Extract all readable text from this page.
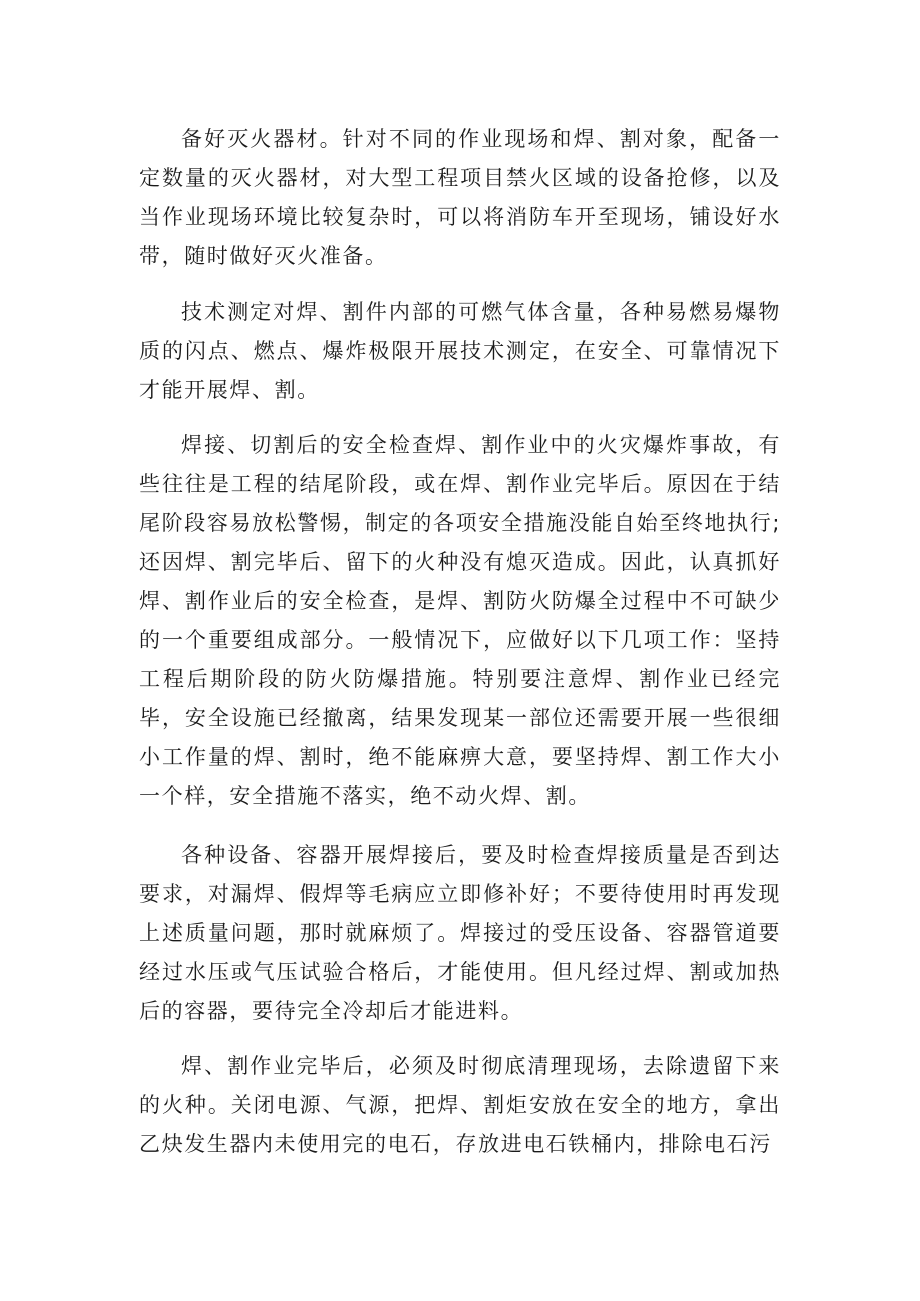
备好灭火器材。针对不同的作业现场和焊、割对象，配备一定数量的灭火器材，对大型工程项目禁火区域的设备抢修，以及当作业现场环境比较复杂时，可以将消防车开至现场，铺设好水带，随时做好灭火准备。

技术测定对焊、割件内部的可燃气体含量，各种易燃易爆物质的闪点、燃点、爆炸极限开展技术测定，在安全、可靠情况下才能开展焊、割。

焊接、切割后的安全检查焊、割作业中的火灾爆炸事故，有些往往是工程的结尾阶段，或在焊、割作业完毕后。原因在于结尾阶段容易放松警惕，制定的各项安全措施没能自始至终地执行;还因焊、割完毕后、留下的火种没有熄灭造成。因此，认真抓好焊、割作业后的安全检查，是焊、割防火防爆全过程中不可缺少的一个重要组成部分。一般情况下，应做好以下几项工作：坚持工程后期阶段的防火防爆措施。特别要注意焊、割作业已经完毕，安全设施已经撤离，结果发现某一部位还需要开展一些很细小工作量的焊、割时，绝不能麻痹大意，要坚持焊、割工作大小一个样，安全措施不落实，绝不动火焊、割。

各种设备、容器开展焊接后，要及时检查焊接质量是否到达要求，对漏焊、假焊等毛病应立即修补好；不要待使用时再发现上述质量问题，那时就麻烦了。焊接过的受压设备、容器管道要经过水压或气压试验合格后，才能使用。但凡经过焊、割或加热后的容器，要待完全冷却后才能进料。

焊、割作业完毕后，必须及时彻底清理现场，去除遗留下来的火种。关闭电源、气源，把焊、割炬安放在安全的地方，拿出乙炔发生器内未使用完的电石，存放进电石铁桶内，排除电石污
